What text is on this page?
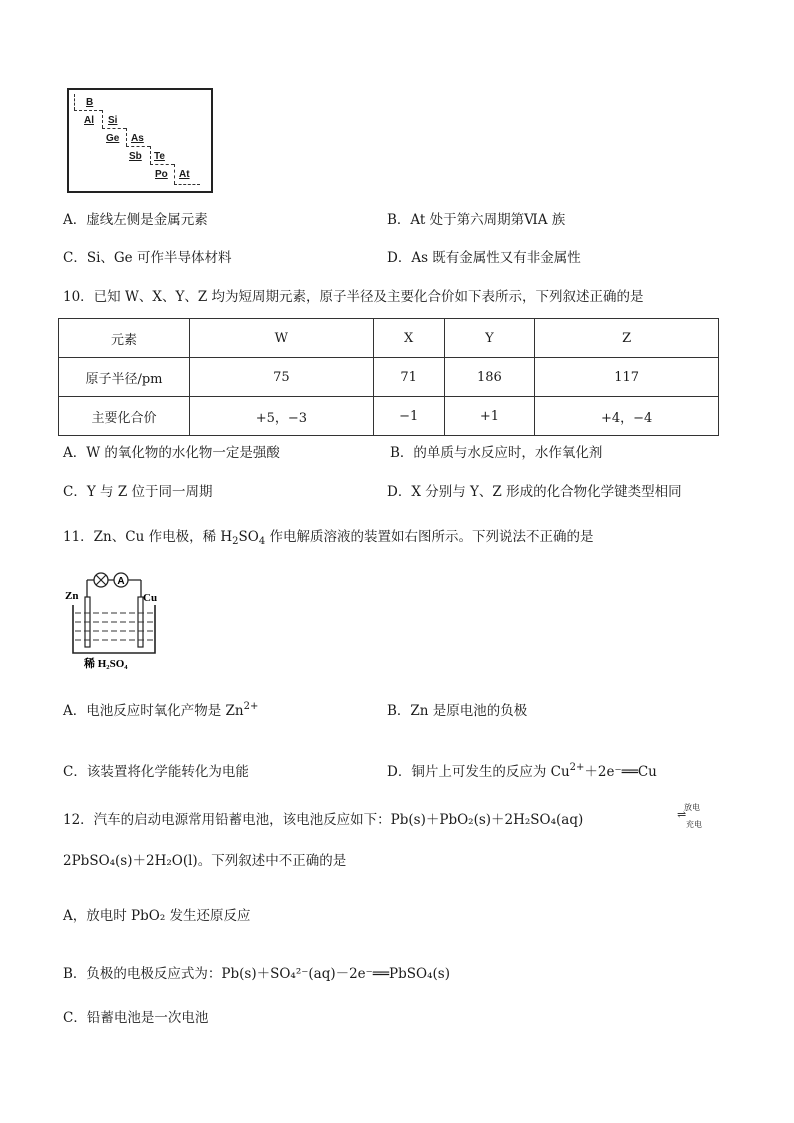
B
Al Si
Ge As
Sb Te
Po At
A．虚线左侧是金属元素	B．At 处于第六周期第ⅥA 族
C．Si、Ge 可作半导体材料	D．As 既有金属性又有非金属性
10．已知 W、X、Y、Z 均为短周期元素，原子半径及主要化合价如下表所示，下列叙述正确的是
元素	W	X	Y	Z
原子半径/pm	75	71	186	117
主要化合价	+5，−3	−1	+1	+4，−4
A．W 的氧化物的水化物一定是强酸	B．的单质与水反应时，水作氧化剂
C．Y 与 Z 位于同一周期	D．X 分别与 Y、Z 形成的化合物化学键类型相同
11．Zn、Cu 作电极，稀 $H_2SO_4$ 作电解质溶液的装置如右图所示。下列说法不正确的是
A
Zn	Cu
稀 H₂SO₄
A．电池反应时氧化产物是 $Zn^{2+}$	B．Zn 是原电池的负极
C．该装置将化学能转化为电能	D．铜片上可发生的反应为 $Cu^{2+}+2e^-══Cu$
12．汽车的启动电源常用铅蓄电池，该电池反应如下：Pb(s)＋PbO₂(s)＋2H₂SO₄(aq)
放电
充电
⇌
2PbSO₄(s)＋2H₂O(l)。下列叙述中不正确的是
A，放电时 PbO₂ 发生还原反应
B．负极的电极反应式为：Pb(s)＋SO₄²⁻(aq)－2e⁻══PbSO₄(s)
C．铅蓄电池是一次电池
